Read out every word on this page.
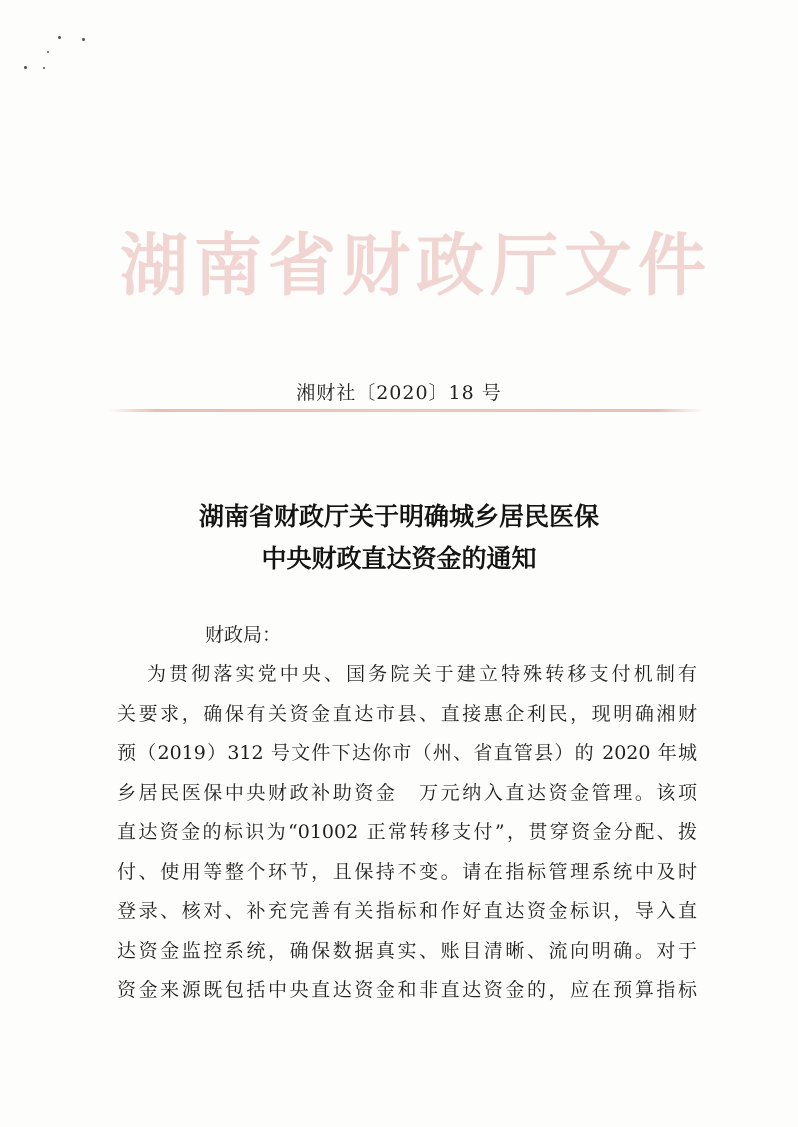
湖南省财政厅文件
湘财社〔2020〕18 号
湖南省财政厅关于明确城乡居民医保
中央财政直达资金的通知
财政局：
为贯彻落实党中央、国务院关于建立特殊转移支付机制有
关要求，确保有关资金直达市县、直接惠企利民，现明确湘财
预（2019）312 号文件下达你市（州、省直管县）的 2020 年城
乡居民医保中央财政补助资金　万元纳入直达资金管理。该项
直达资金的标识为“01002 正常转移支付”，贯穿资金分配、拨
付、使用等整个环节，且保持不变。请在指标管理系统中及时
登录、核对、补充完善有关指标和作好直达资金标识，导入直
达资金监控系统，确保数据真实、账目清晰、流向明确。对于
资金来源既包括中央直达资金和非直达资金的，应在预算指标
